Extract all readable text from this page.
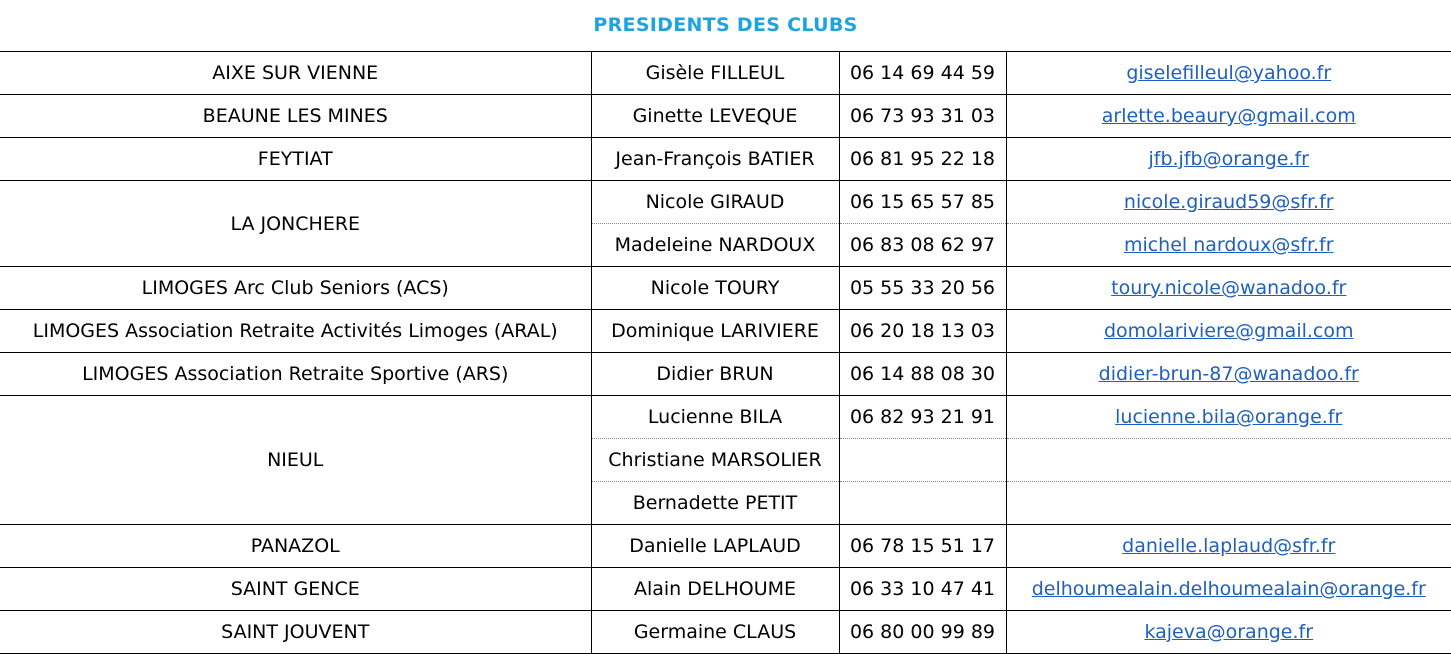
PRESIDENTS DES CLUBS
AIXE SUR VIENNE	Gisèle FILLEUL	06 14 69 44 59	giselefilleul@yahoo.fr
BEAUNE LES MINES	Ginette LEVEQUE	06 73 93 31 03	arlette.beaury@gmail.com
FEYTIAT	Jean-François BATIER	06 81 95 22 18	jfb.jfb@orange.fr
LA JONCHERE	Nicole GIRAUD	06 15 65 57 85	nicole.giraud59@sfr.fr
	Madeleine NARDOUX	06 83 08 62 97	michel nardoux@sfr.fr
LIMOGES Arc Club Seniors (ACS)	Nicole TOURY	05 55 33 20 56	toury.nicole@wanadoo.fr
LIMOGES Association Retraite Activités Limoges (ARAL)	Dominique LARIVIERE	06 20 18 13 03	domolariviere@gmail.com
LIMOGES Association Retraite Sportive (ARS)	Didier BRUN	06 14 88 08 30	didier-brun-87@wanadoo.fr
NIEUL	Lucienne BILA	06 82 93 21 91	lucienne.bila@orange.fr
	Christiane MARSOLIER		
	Bernadette PETIT		
PANAZOL	Danielle LAPLAUD	06 78 15 51 17	danielle.laplaud@sfr.fr
SAINT GENCE	Alain DELHOUME	06 33 10 47 41	delhoumealain.delhoumealain@orange.fr
SAINT JOUVENT	Germaine CLAUS	06 80 00 99 89	kajeva@orange.fr
